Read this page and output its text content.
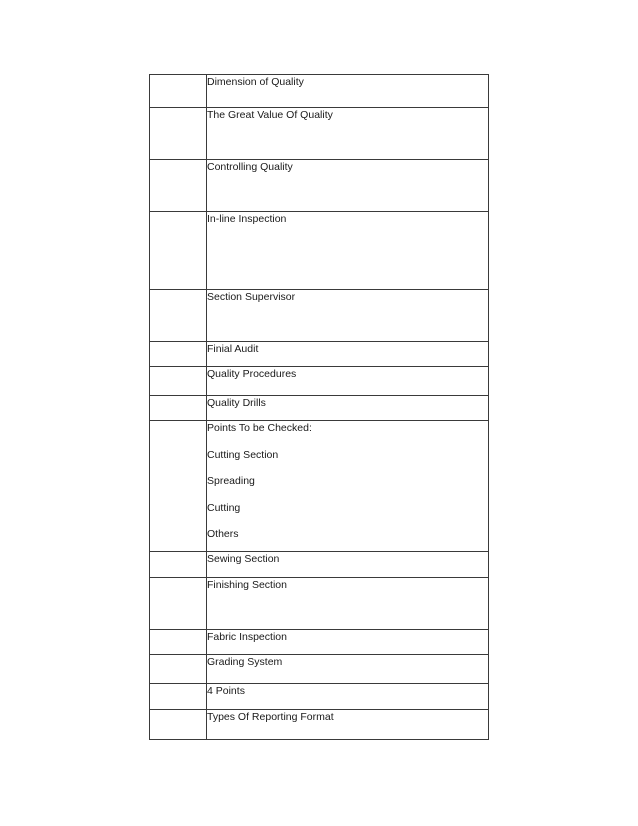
	Dimension of Quality

	The Great Value Of Quality

	Controlling Quality

	In-line Inspection

	Section Supervisor

	Finial Audit

	Quality Procedures

	Quality Drills

	Points To be Checked:
Cutting Section
Spreading
Cutting
Others

	Sewing Section

	Finishing Section

	Fabric Inspection

	Grading System

	4 Points

	Types Of Reporting Format
